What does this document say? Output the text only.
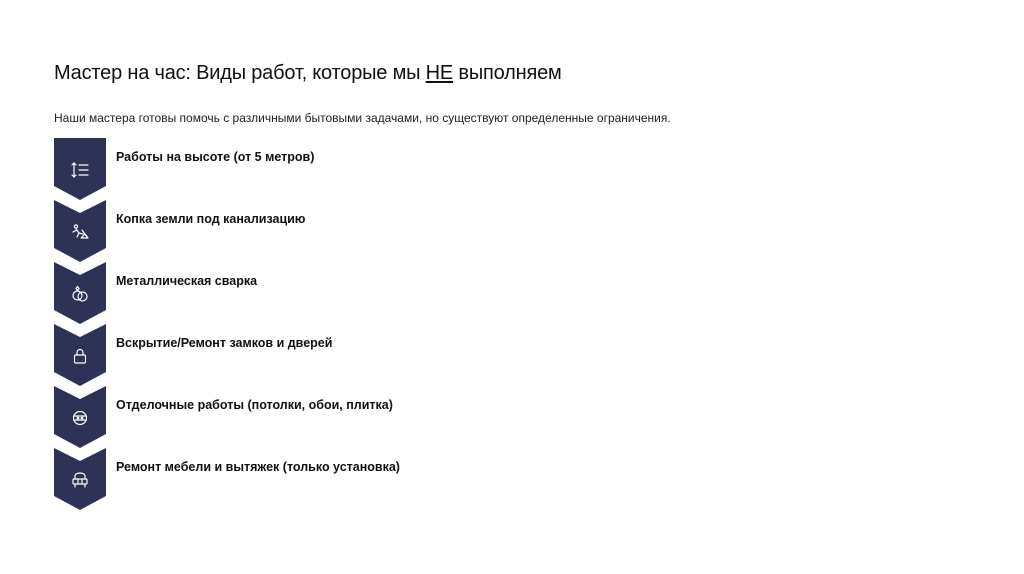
Мастер на час: Виды работ, которые мы НЕ выполняем
Наши мастера готовы помочь с различными бытовыми задачами, но существуют определенные ограничения.
Работы на высоте (от 5 метров)
Копка земли под канализацию
Металлическая сварка
Вскрытие/Ремонт замков и дверей
Отделочные работы (потолки, обои, плитка)
Ремонт мебели и вытяжек (только установка)
